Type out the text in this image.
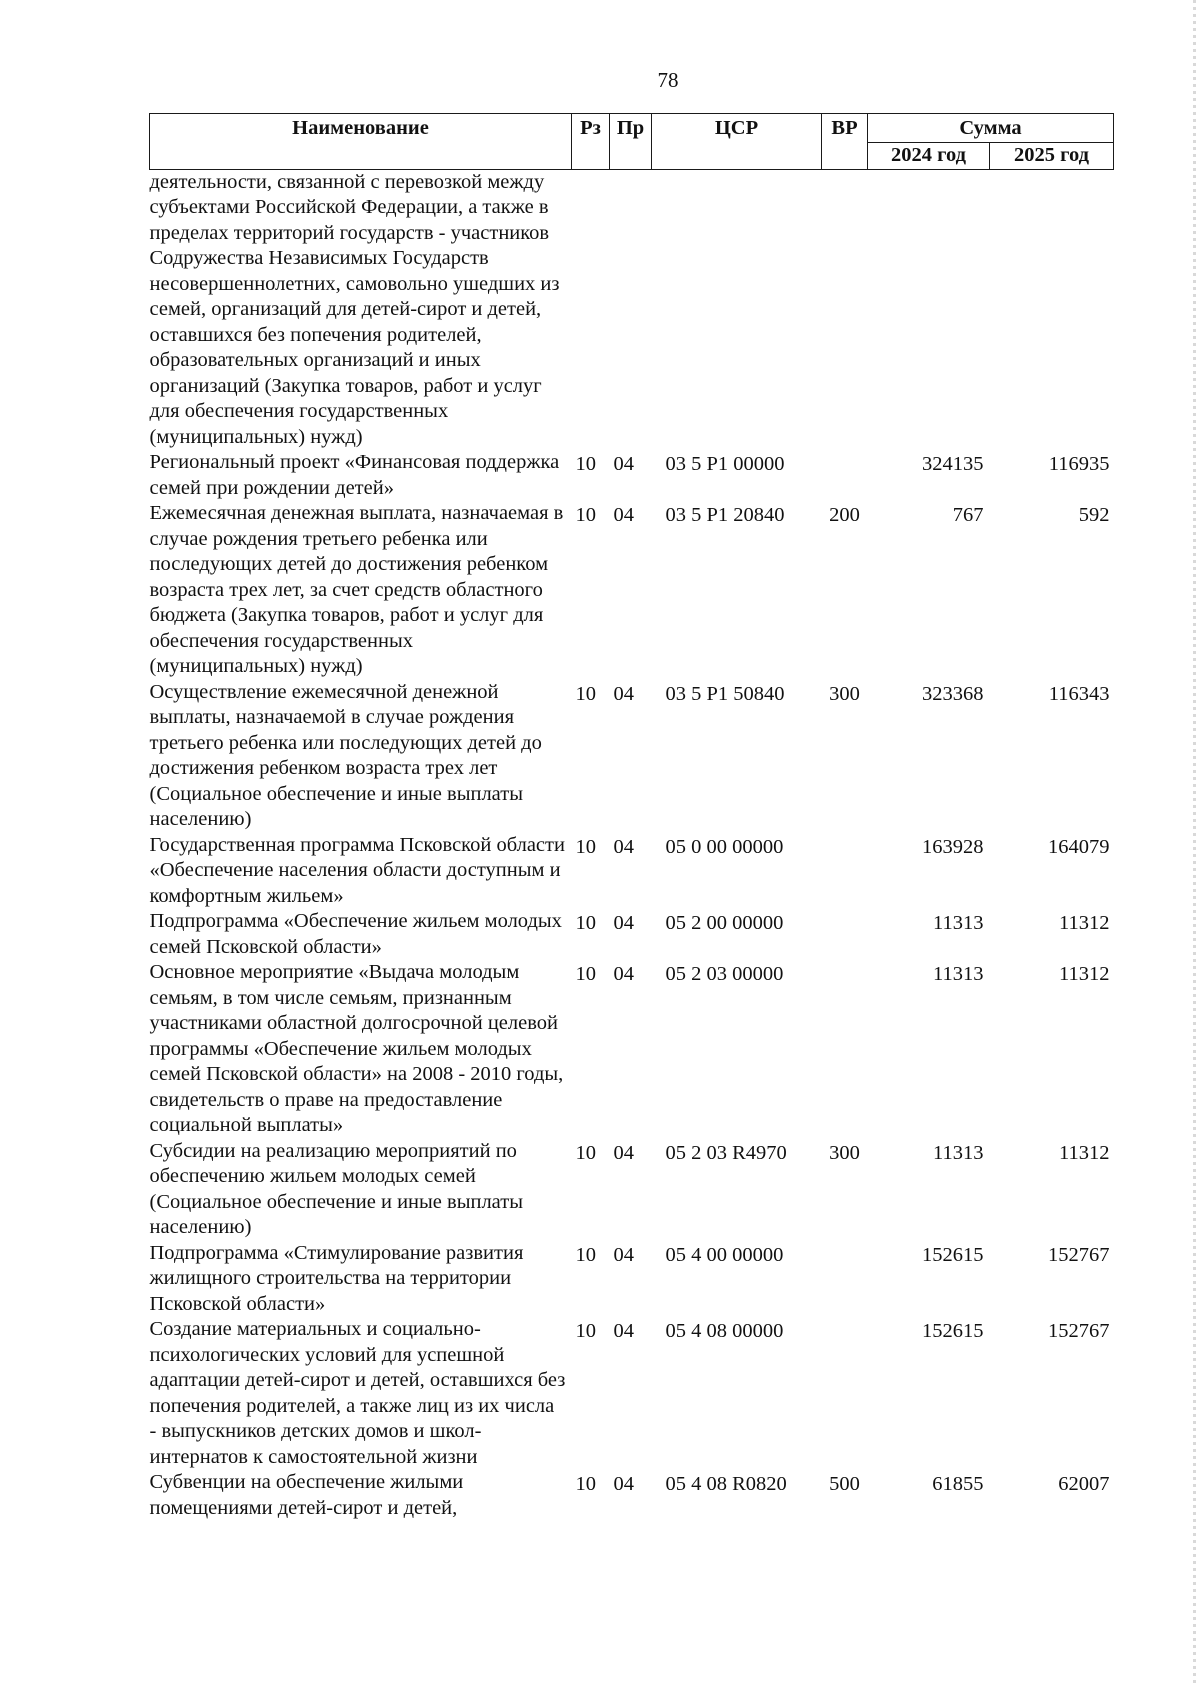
78
Наименование	Рз	Пр	ЦСР	ВР	Сумма	
					2024 год	2025 год
деятельности, связанной с перевозкой между субъектами Российской Федерации, а также в пределах территорий государств - участников Содружества Независимых Государств несовершеннолетних, самовольно ушедших из семей, организаций для детей-сирот и детей, оставшихся без попечения родителей, образовательных организаций и иных организаций (Закупка товаров, работ и услуг для обеспечения государственных (муниципальных) нужд)						
Региональный проект «Финансовая поддержка семей при рождении детей»	10	04	03 5 P1 00000		324135	116935
Ежемесячная денежная выплата, назначаемая в случае рождения третьего ребенка или последующих детей до достижения ребенком возраста трех лет, за счет средств областного бюджета (Закупка товаров, работ и услуг для обеспечения государственных (муниципальных) нужд)	10	04	03 5 P1 20840	200	767	592
Осуществление ежемесячной денежной выплаты, назначаемой в случае рождения третьего ребенка или последующих детей до достижения ребенком возраста трех лет (Социальное обеспечение и иные выплаты населению)	10	04	03 5 P1 50840	300	323368	116343
Государственная программа Псковской области «Обеспечение населения области доступным и комфортным жильем»	10	04	05 0 00 00000		163928	164079
Подпрограмма «Обеспечение жильем молодых семей Псковской области»	10	04	05 2 00 00000		11313	11312
Основное мероприятие «Выдача молодым семьям, в том числе семьям, признанным участниками областной долгосрочной целевой программы «Обеспечение жильем молодых семей Псковской области» на 2008 - 2010 годы, свидетельств о праве на предоставление социальной выплаты»	10	04	05 2 03 00000		11313	11312
Субсидии на реализацию мероприятий по обеспечению жильем молодых семей (Социальное обеспечение и иные выплаты населению)	10	04	05 2 03 R4970	300	11313	11312
Подпрограмма «Стимулирование развития жилищного строительства на территории Псковской области»	10	04	05 4 00 00000		152615	152767
Создание материальных и социально-психологических условий для успешной адаптации детей-сирот и детей, оставшихся без попечения родителей, а также лиц из их числа - выпускников детских домов и школ-интернатов к самостоятельной жизни	10	04	05 4 08 00000		152615	152767
Субвенции на обеспечение жилыми помещениями детей-сирот и детей,	10	04	05 4 08 R0820	500	61855	62007
